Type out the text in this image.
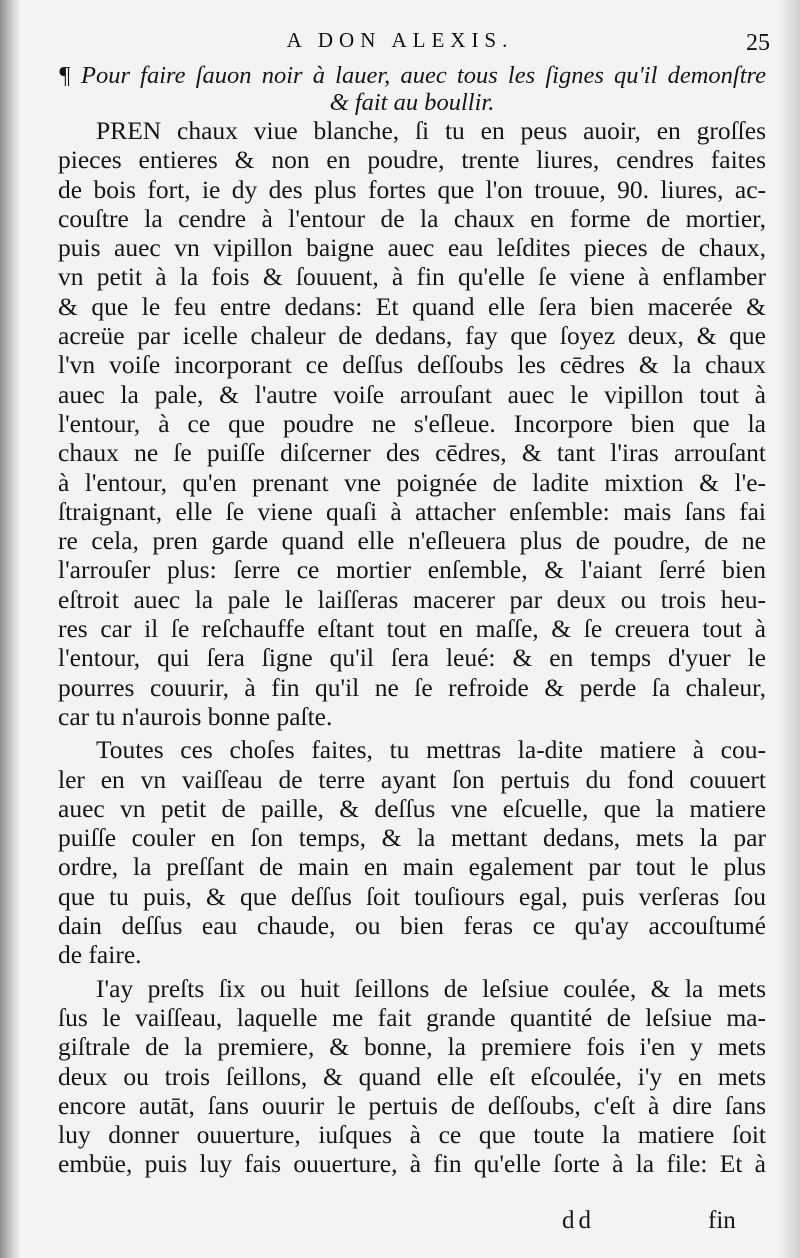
A DON ALEXIS.	25
¶ Pour faire ſauon noir à lauer, auec tous les ſignes qu'il demonſtre
& fait au boullir.
PREN chaux viue blanche, ſi tu en peus auoir, en groſſes
pieces entieres & non en poudre, trente liures, cendres faites
de bois fort, ie dy des plus fortes que l'on trouue, 90. liures, ac-
couſtre la cendre à l'entour de la chaux en forme de mortier,
puis auec vn vipillon baigne auec eau leſdites pieces de chaux,
vn petit à la fois & ſouuent, à fin qu'elle ſe viene à enflamber
& que le feu entre dedans: Et quand elle ſera bien macerée &
acreüe par icelle chaleur de dedans, fay que ſoyez deux, & que
l'vn voiſe incorporant ce deſſus deſſoubs les cēdres & la chaux
auec la pale, & l'autre voiſe arrouſant auec le vipillon tout à
l'entour, à ce que poudre ne s'eſleue. Incorpore bien que la
chaux ne ſe puiſſe diſcerner des cēdres, & tant l'iras arrouſant
à l'entour, qu'en prenant vne poignée de ladite mixtion & l'e-
ſtraignant, elle ſe viene quaſi à attacher enſemble: mais ſans fai
re cela, pren garde quand elle n'eſleuera plus de poudre, de ne
l'arrouſer plus: ſerre ce mortier enſemble, & l'aiant ſerré bien
eſtroit auec la pale le laiſſeras macerer par deux ou trois heu-
res car il ſe reſchauffe eſtant tout en maſſe, & ſe creuera tout à
l'entour, qui ſera ſigne qu'il ſera leué: & en temps d'yuer le
pourres couurir, à fin qu'il ne ſe refroide & perde ſa chaleur,
car tu n'aurois bonne paſte.
Toutes ces choſes faites, tu mettras la-dite matiere à cou-
ler en vn vaiſſeau de terre ayant ſon pertuis du fond couuert
auec vn petit de paille, & deſſus vne eſcuelle, que la matiere
puiſſe couler en ſon temps, & la mettant dedans, mets la par
ordre, la preſſant de main en main egalement par tout le plus
que tu puis, & que deſſus ſoit touſiours egal, puis verſeras ſou
dain deſſus eau chaude, ou bien feras ce qu'ay accouſtumé
de faire.
I'ay preſts ſix ou huit ſeillons de leſsiue coulée, & la mets
ſus le vaiſſeau, laquelle me fait grande quantité de leſsiue ma-
giſtrale de la premiere, & bonne, la premiere fois i'en y mets
deux ou trois ſeillons, & quand elle eſt eſcoulée, i'y en mets
encore autāt, ſans ouurir le pertuis de deſſoubs, c'eſt à dire ſans
luy donner ouuerture, iuſques à ce que toute la matiere ſoit
embüe, puis luy fais ouuerture, à fin qu'elle ſorte à la file: Et à
dd	fin
